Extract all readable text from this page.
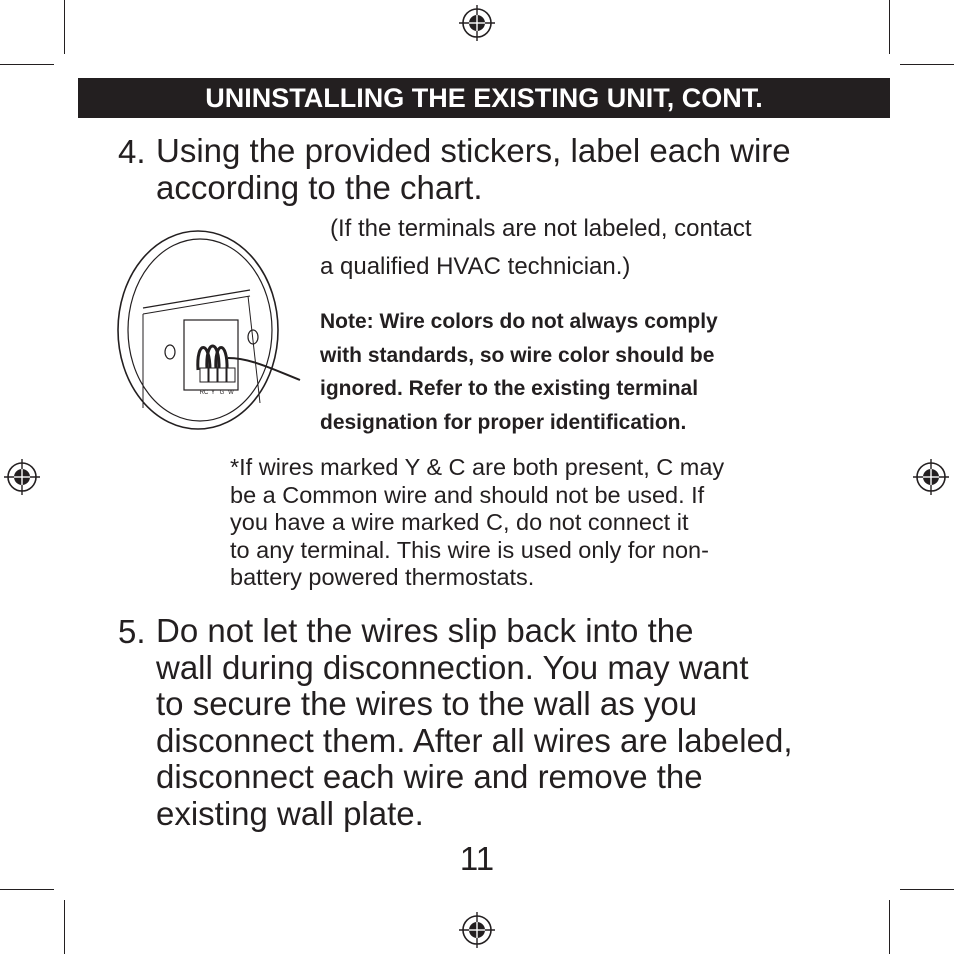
UNINSTALLING THE EXISTING UNIT, CONT.
4. Using the provided stickers, label each wire
according to the chart.
(If the terminals are not labeled, contact
a qualified HVAC technician.)
Note: Wire colors do not always comply
with standards, so wire color should be
ignored. Refer to the existing terminal
designation for proper identification.
RC Y G W
*If wires marked Y & C are both present, C may
be a Common wire and should not be used. If
you have a wire marked C, do not connect it
to any terminal. This wire is used only for non-
battery powered thermostats.
5. Do not let the wires slip back into the
wall during disconnection. You may want
to secure the wires to the wall as you
disconnect them. After all wires are labeled,
disconnect each wire and remove the
existing wall plate.
11
